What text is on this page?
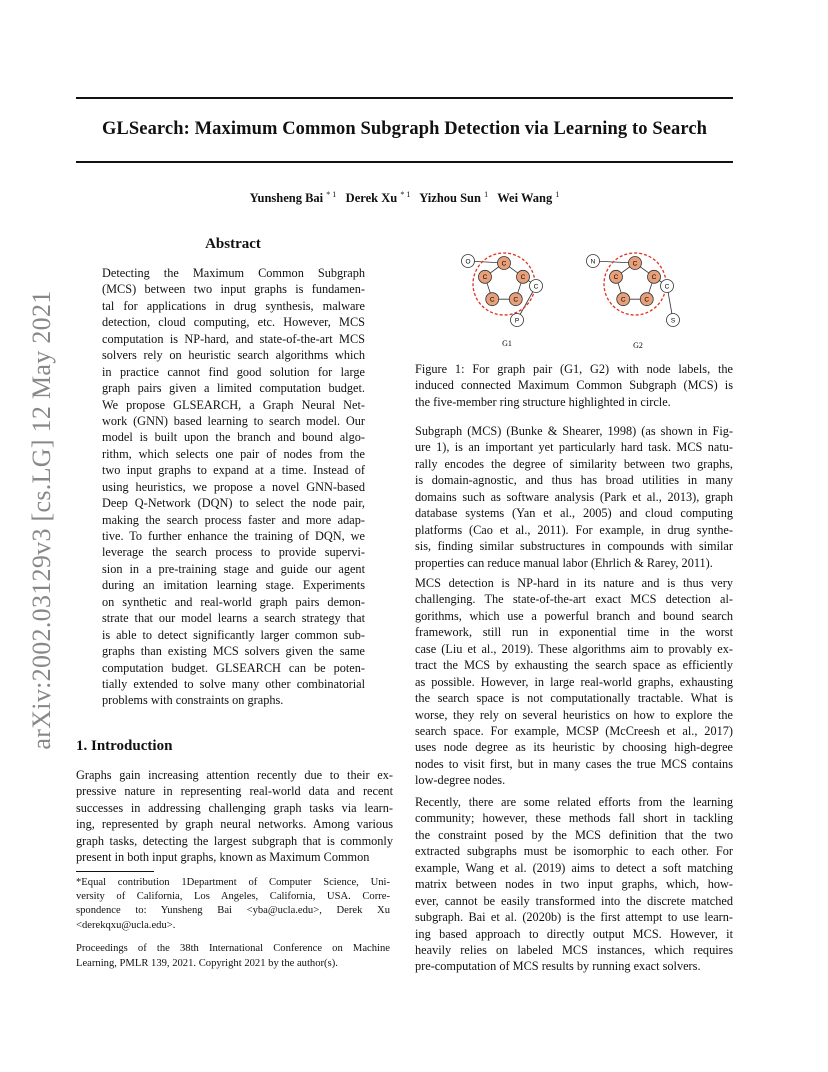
GLSearch: Maximum Common Subgraph Detection via Learning to Search
Yunsheng Bai $^{* 1}$ Derek Xu $^{* 1}$ Yizhou Sun $^1$ Wei Wang $^1$
arXiv:2002.03129v3 [cs.LG] 12 May 2021
Abstract
Detecting the Maximum Common Subgraph
(MCS) between two input graphs is fundamen-
tal for applications in drug synthesis, malware
detection, cloud computing, etc. However, MCS
computation is NP-hard, and state-of-the-art MCS
solvers rely on heuristic search algorithms which
in practice cannot find good solution for large
graph pairs given a limited computation budget.
We propose GLSEARCH, a Graph Neural Net-
work (GNN) based learning to search model. Our
model is built upon the branch and bound algo-
rithm, which selects one pair of nodes from the
two input graphs to expand at a time. Instead of
using heuristics, we propose a novel GNN-based
Deep Q-Network (DQN) to select the node pair,
making the search process faster and more adap-
tive. To further enhance the training of DQN, we
leverage the search process to provide supervi-
sion in a pre-training stage and guide our agent
during an imitation learning stage. Experiments
on synthetic and real-world graph pairs demon-
strate that our model learns a search strategy that
is able to detect significantly larger common sub-
graphs than existing MCS solvers given the same
computation budget. GLSEARCH can be poten-
tially extended to solve many other combinatorial
problems with constraints on graphs.
1. Introduction
Graphs gain increasing attention recently due to their ex-
pressive nature in representing real-world data and recent
successes in addressing challenging graph tasks via learn-
ing, represented by graph neural networks. Among various
graph tasks, detecting the largest subgraph that is commonly
present in both input graphs, known as Maximum Common
*Equal contribution 1Department of Computer Science, Uni-
versity of California, Los Angeles, California, USA. Corre-
spondence to: Yunsheng Bai <yba@ucla.edu>, Derek Xu
<derekqxu@ucla.edu>.
Proceedings of the 38th International Conference on Machine
Learning, PMLR 139, 2021. Copyright 2021 by the author(s).
O	C
C
C
C
C
C
P
N	C
C
C
C
C
C
S
G1	G2
Figure 1: For graph pair (G1, G2) with node labels, the
induced connected Maximum Common Subgraph (MCS) is
the five-member ring structure highlighted in circle.
Subgraph (MCS) (Bunke & Shearer, 1998) (as shown in Fig-
ure 1), is an important yet particularly hard task. MCS natu-
rally encodes the degree of similarity between two graphs,
is domain-agnostic, and thus has broad utilities in many
domains such as software analysis (Park et al., 2013), graph
database systems (Yan et al., 2005) and cloud computing
platforms (Cao et al., 2011). For example, in drug synthe-
sis, finding similar substructures in compounds with similar
properties can reduce manual labor (Ehrlich & Rarey, 2011).
MCS detection is NP-hard in its nature and is thus very
challenging. The state-of-the-art exact MCS detection al-
gorithms, which use a powerful branch and bound search
framework, still run in exponential time in the worst
case (Liu et al., 2019). These algorithms aim to provably ex-
tract the MCS by exhausting the search space as efficiently
as possible. However, in large real-world graphs, exhausting
the search space is not computationally tractable. What is
worse, they rely on several heuristics on how to explore the
search space. For example, MCSP (McCreesh et al., 2017)
uses node degree as its heuristic by choosing high-degree
nodes to visit first, but in many cases the true MCS contains
low-degree nodes.
Recently, there are some related efforts from the learning
community; however, these methods fall short in tackling
the constraint posed by the MCS definition that the two
extracted subgraphs must be isomorphic to each other. For
example, Wang et al. (2019) aims to detect a soft matching
matrix between nodes in two input graphs, which, how-
ever, cannot be easily transformed into the discrete matched
subgraph. Bai et al. (2020b) is the first attempt to use learn-
ing based approach to directly output MCS. However, it
heavily relies on labeled MCS instances, which requires
pre-computation of MCS results by running exact solvers.
